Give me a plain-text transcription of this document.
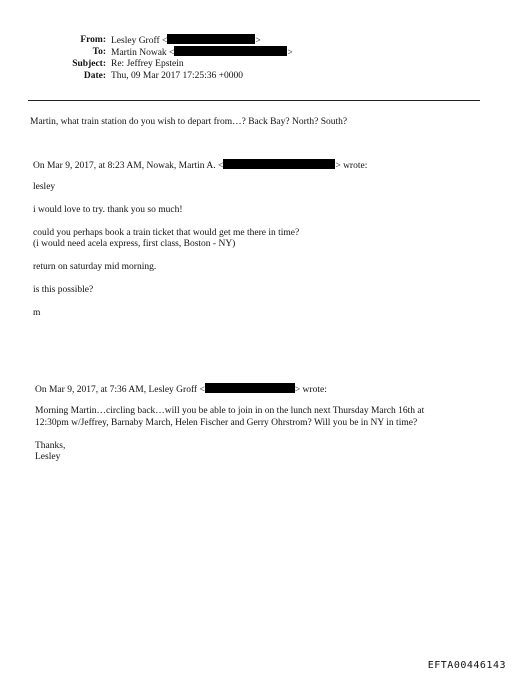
From: Lesley Groff <	>
To: Martin Nowak <	>
Subject: Re: Jeffrey Epstein
Date: Thu, 09 Mar 2017 17:25:36 +0000
Martin, what train station do you wish to depart from…? Back Bay? North? South?
On Mar 9, 2017, at 8:23 AM, Nowak, Martin A. <	> wrote:
lesley
i would love to try. thank you so much!
could you perhaps book a train ticket that would get me there in time?
(i would need acela express, first class, Boston - NY)
return on saturday mid morning.
is this possible?
m
On Mar 9, 2017, at 7:36 AM, Lesley Groff <	> wrote:
Morning Martin…circling back…will you be able to join in on the lunch next Thursday March 16th at
12:30pm w/Jeffrey, Barnaby March, Helen Fischer and Gerry Ohrstrom? Will you be in NY in time?
Thanks,
Lesley
EFTA00446143
